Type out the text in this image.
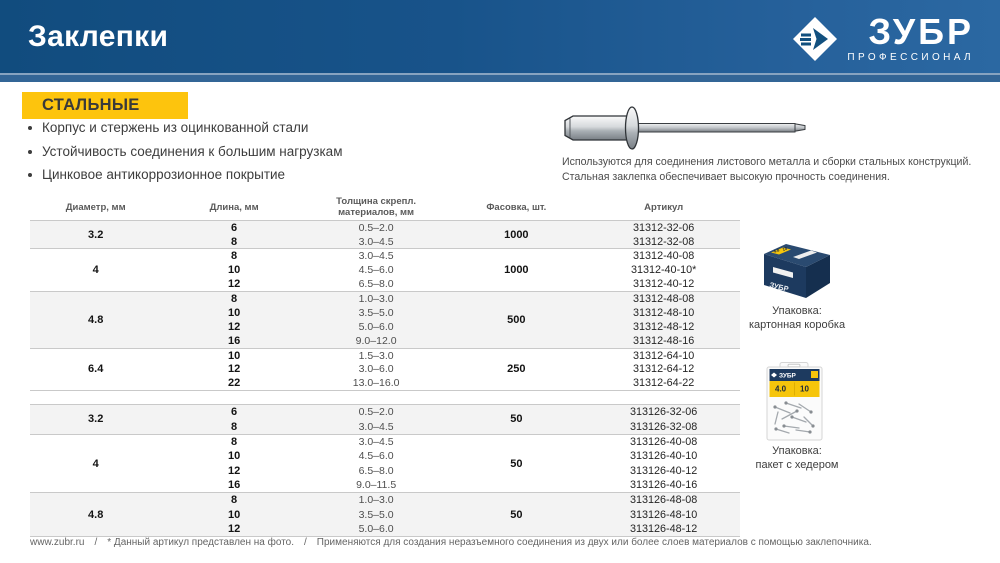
Заклепки	ЗУБР
ПРОФЕССИОНАЛ
СТАЛЬНЫЕ
Корпус и стержень из оцинкованной стали
Устойчивость соединения к большим нагрузкам
Цинковое антикоррозионное покрытие
Используются для соединения листового металла и сборки стальных конструкций.
Стальная заклепка обеспечивает высокую прочность соединения.
Диаметр, мм	Длина, мм	Толщина скрепл. материалов, мм	Фасовка, шт.	Артикул
3.2	6	0.5–2.0	1000	31312-32-06
	8	3.0–4.5		31312-32-08
4	8	3.0–4.5	1000	31312-40-08
	10	4.5–6.0		31312-40-10*
	12	6.5–8.0		31312-40-12
4.8	8	1.0–3.0	500	31312-48-08
	10	3.5–5.0		31312-48-10
	12	5.0–6.0		31312-48-12
	16	9.0–12.0		31312-48-16
6.4	10	1.5–3.0	250	31312-64-10
	12	3.0–6.0		31312-64-12
	22	13.0–16.0		31312-64-22
3.2	6	0.5–2.0	50	313126-32-06
	8	3.0–4.5		313126-32-08
4	8	3.0–4.5	50	313126-40-08
	10	4.5–6.0		313126-40-10
	12	6.5–8.0		313126-40-12
	16	9.0–11.5		313126-40-16
4.8	8	1.0–3.0	50	313126-48-08
	10	3.5–5.0		313126-48-10
	12	5.0–6.0		313126-48-12
4.8 10
ЗУБР
Упаковка:
картонная коробка
ЗУБР
4.0 10
Упаковка:
пакет с хедером
www.zubr.ru / * Данный артикул представлен на фото. / Применяются для создания неразъемного соединения из двух или более слоев материалов с помощью заклепочника.
